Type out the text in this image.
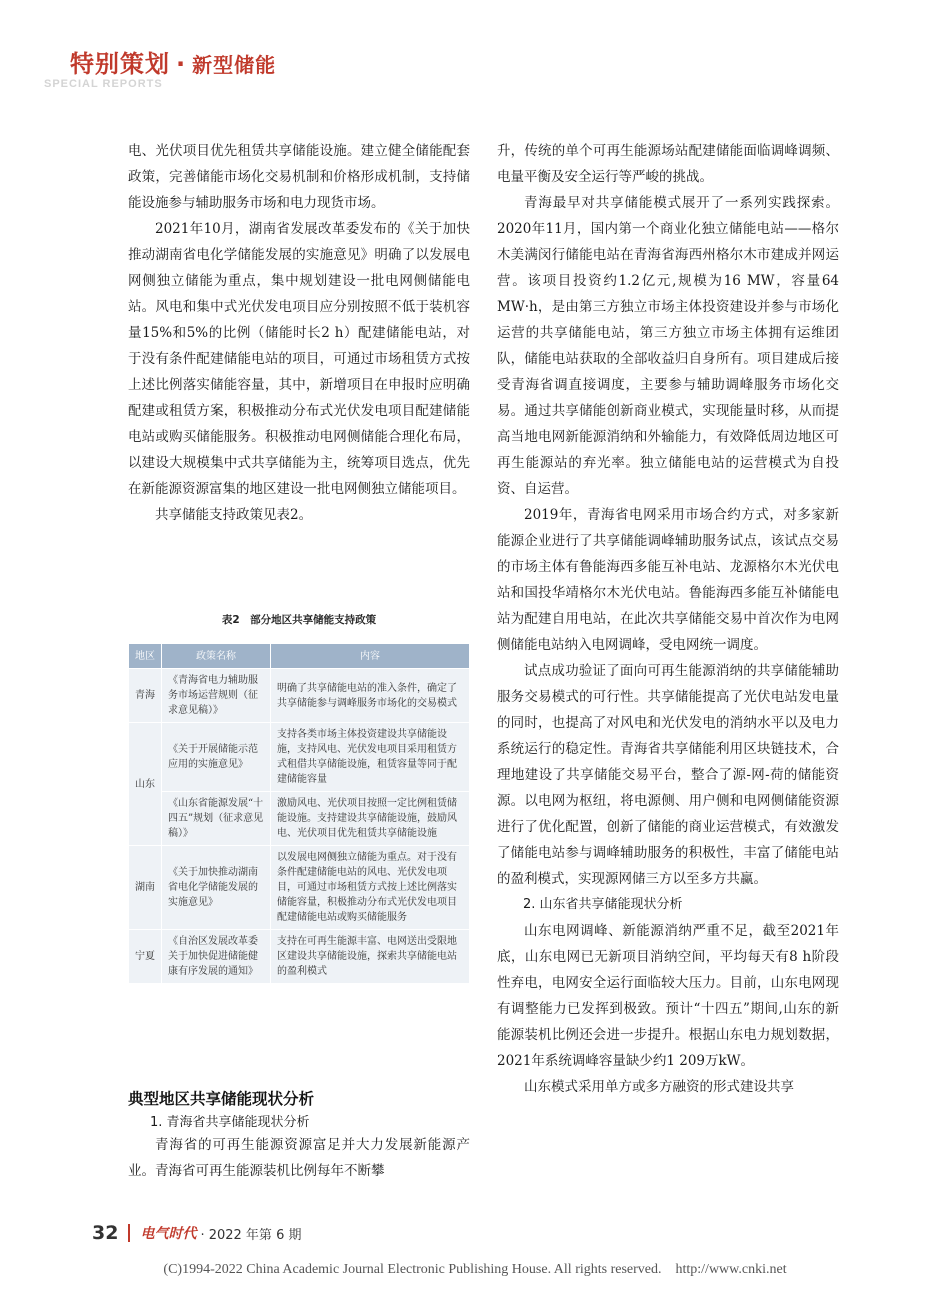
特别策划 · 新型储能
SPECIAL REPORTS

电、光伏项目优先租赁共享储能设施。建立健全储能配套政策，完善储能市场化交易机制和价格形成机制，支持储能设施参与辅助服务市场和电力现货市场。

2021年10月，湖南省发展改革委发布的《关于加快推动湖南省电化学储能发展的实施意见》明确了以发展电网侧独立储能为重点，集中规划建设一批电网侧储能电站。风电和集中式光伏发电项目应分别按照不低于装机容量15%和5%的比例（储能时长2 h）配建储能电站，对于没有条件配建储能电站的项目，可通过市场租赁方式按上述比例落实储能容量，其中，新增项目在申报时应明确配建或租赁方案，积极推动分布式光伏发电项目配建储能电站或购买储能服务。积极推动电网侧储能合理化布局，以建设大规模集中式共享储能为主，统筹项目选点，优先在新能源资源富集的地区建设一批电网侧独立储能项目。

共享储能支持政策见表2。

表2　部分地区共享储能支持政策
地区	政策名称	内容
青海	《青海省电力辅助服务市场运营规则（征求意见稿）》	明确了共享储能电站的准入条件，确定了共享储能参与调峰服务市场化的交易模式
山东	《关于开展储能示范应用的实施意见》	支持各类市场主体投资建设共享储能设施，支持风电、光伏发电项目采用租赁方式租借共享储能设施，租赁容量等同于配建储能容量
	《山东省能源发展“十四五”规划（征求意见稿）》	激励风电、光伏项目按照一定比例租赁储能设施。支持建设共享储能设施，鼓励风电、光伏项目优先租赁共享储能设施
湖南	《关于加快推动湖南省电化学储能发展的实施意见》	以发展电网侧独立储能为重点。对于没有条件配建储能电站的风电、光伏发电项目，可通过市场租赁方式按上述比例落实储能容量，积极推动分布式光伏发电项目配建储能电站或购买储能服务
宁夏	《自治区发展改革委关于加快促进储能健康有序发展的通知》	支持在可再生能源丰富、电网送出受限地区建设共享储能设施，探索共享储能电站的盈利模式
典型地区共享储能现状分析
1. 青海省共享储能现状分析

青海省的可再生能源资源富足并大力发展新能源产业。青海省可再生能源装机比例每年不断攀

升，传统的单个可再生能源场站配建储能面临调峰调频、电量平衡及安全运行等严峻的挑战。

青海最早对共享储能模式展开了一系列实践探索。2020年11月，国内第一个商业化独立储能电站——格尔木美满闵行储能电站在青海省海西州格尔木市建成并网运营。该项目投资约1.2亿元,规模为16 MW，容量64 MW·h，是由第三方独立市场主体投资建设并参与市场化运营的共享储能电站，第三方独立市场主体拥有运维团队，储能电站获取的全部收益归自身所有。项目建成后接受青海省调直接调度，主要参与辅助调峰服务市场化交易。通过共享储能创新商业模式，实现能量时移，从而提高当地电网新能源消纳和外输能力，有效降低周边地区可再生能源站的弃光率。独立储能电站的运营模式为自投资、自运营。

2019年，青海省电网采用市场合约方式，对多家新能源企业进行了共享储能调峰辅助服务试点，该试点交易的市场主体有鲁能海西多能互补电站、龙源格尔木光伏电站和国投华靖格尔木光伏电站。鲁能海西多能互补储能电站为配建自用电站，在此次共享储能交易中首次作为电网侧储能电站纳入电网调峰，受电网统一调度。

试点成功验证了面向可再生能源消纳的共享储能辅助服务交易模式的可行性。共享储能提高了光伏电站发电量的同时，也提高了对风电和光伏发电的消纳水平以及电力系统运行的稳定性。青海省共享储能利用区块链技术，合理地建设了共享储能交易平台，整合了源-网-荷的储能资源。以电网为枢纽，将电源侧、用户侧和电网侧储能资源进行了优化配置，创新了储能的商业运营模式，有效激发了储能电站参与调峰辅助服务的积极性，丰富了储能电站的盈利模式，实现源网储三方以至多方共赢。

2. 山东省共享储能现状分析

山东电网调峰、新能源消纳严重不足，截至2021年底，山东电网已无新项目消纳空间，平均每天有8 h阶段性弃电，电网安全运行面临较大压力。目前，山东电网现有调整能力已发挥到极致。预计“十四五”期间,山东的新能源装机比例还会进一步提升。根据山东电力规划数据，2021年系统调峰容量缺少约1 209万kW。

山东模式采用单方或多方融资的形式建设共享

32 电气时代 · 2022 年第 6 期
(C)1994-2022 China Academic Journal Electronic Publishing House. All rights reserved. http://www.cnki.net
